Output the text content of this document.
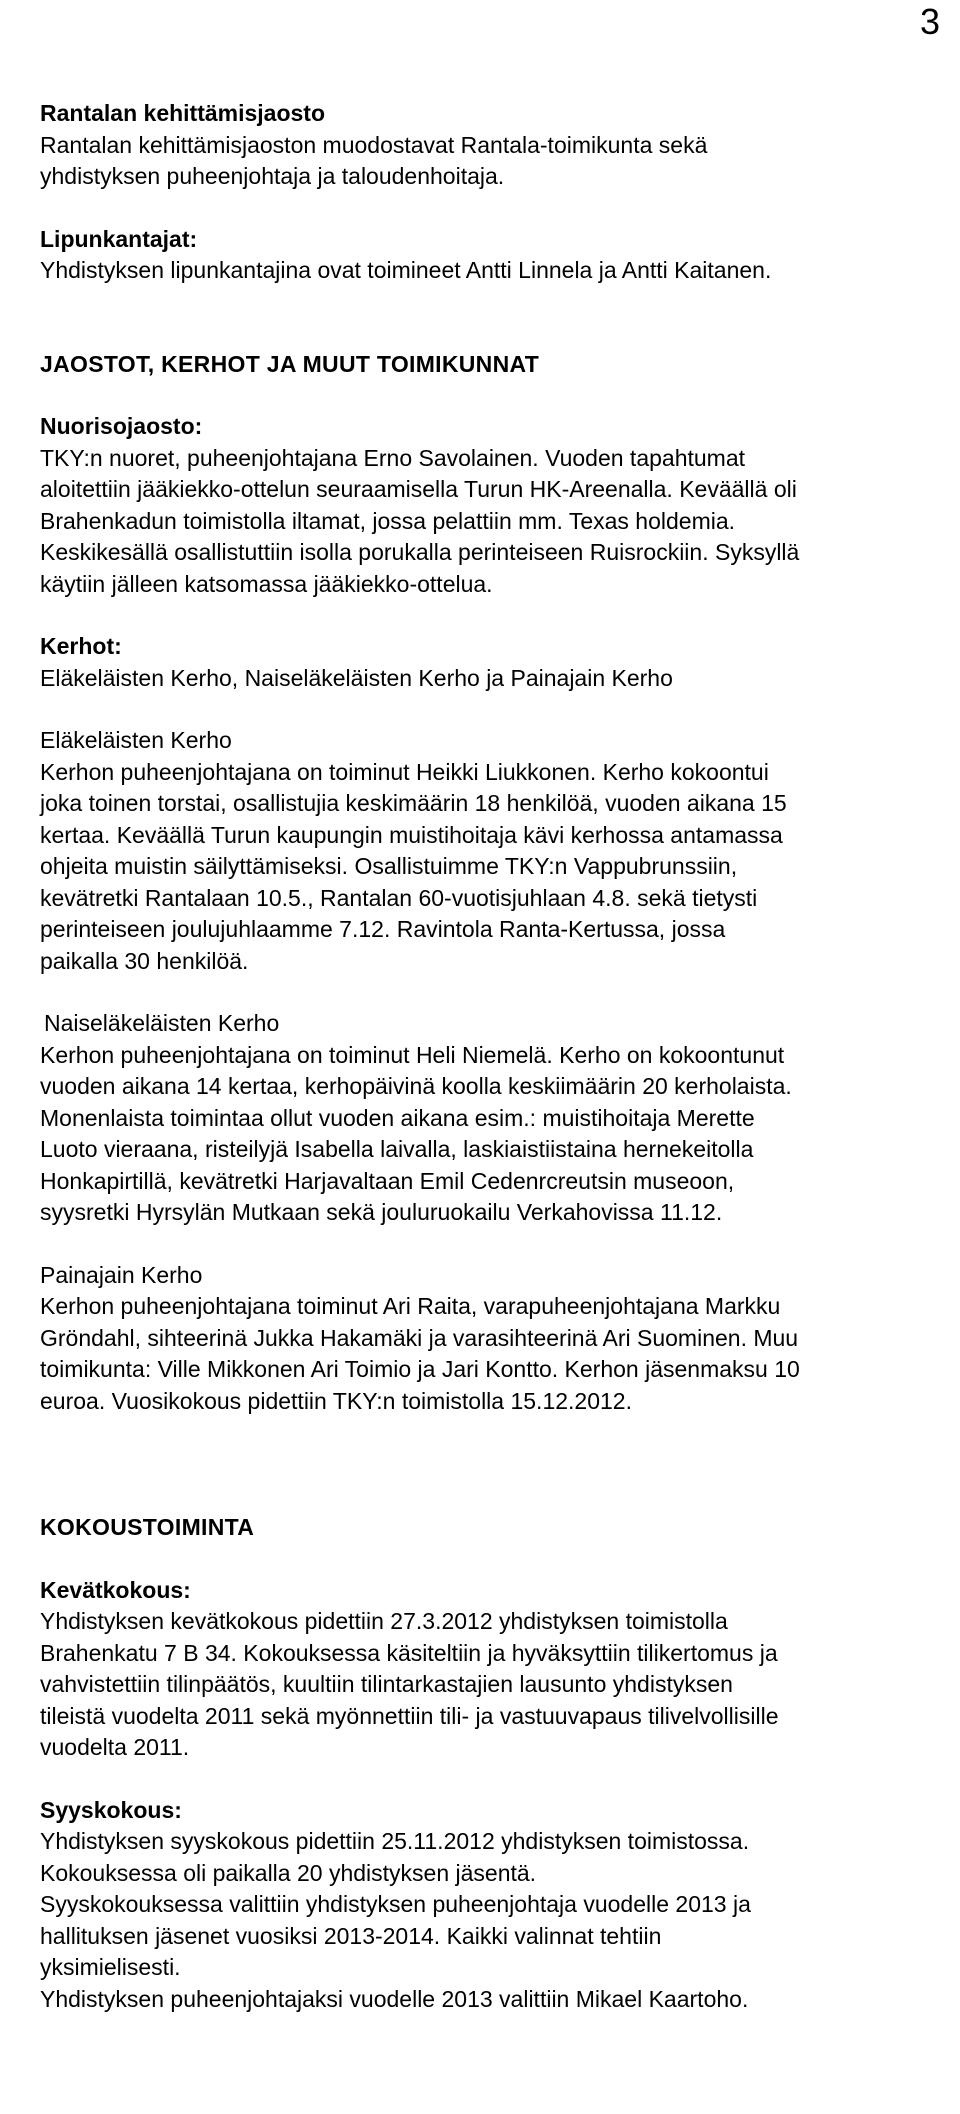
3

Rantalan kehittämisjaosto

Rantalan kehittämisjaoston muodostavat Rantala-toimikunta sekä

yhdistyksen puheenjohtaja ja taloudenhoitaja.

Lipunkantajat:

Yhdistyksen lipunkantajina ovat toimineet Antti Linnela ja Antti Kaitanen.

JAOSTOT, KERHOT JA MUUT TOIMIKUNNAT

Nuorisojaosto:

TKY:n nuoret, puheenjohtajana Erno Savolainen. Vuoden tapahtumat

aloitettiin jääkiekko-ottelun seuraamisella Turun HK-Areenalla. Keväällä oli

Brahenkadun toimistolla iltamat, jossa pelattiin mm. Texas holdemia.

Keskikesällä osallistuttiin isolla porukalla perinteiseen Ruisrockiin. Syksyllä

käytiin jälleen katsomassa jääkiekko-ottelua.

Kerhot:

Eläkeläisten Kerho, Naiseläkeläisten Kerho ja Painajain Kerho

Eläkeläisten Kerho

Kerhon puheenjohtajana on toiminut Heikki Liukkonen. Kerho kokoontui

joka toinen torstai, osallistujia keskimäärin 18 henkilöä, vuoden aikana 15

kertaa. Keväällä Turun kaupungin muistihoitaja kävi kerhossa antamassa

ohjeita muistin säilyttämiseksi. Osallistuimme TKY:n Vappubrunssiin,

kevätretki Rantalaan 10.5., Rantalan 60-vuotisjuhlaan 4.8. sekä tietysti

perinteiseen joulujuhlaamme 7.12. Ravintola Ranta-Kertussa, jossa

paikalla 30 henkilöä.

Naiseläkeläisten Kerho

Kerhon puheenjohtajana on toiminut Heli Niemelä. Kerho on kokoontunut

vuoden aikana 14 kertaa, kerhopäivinä koolla keskiimäärin 20 kerholaista.

Monenlaista toimintaa ollut vuoden aikana esim.: muistihoitaja Merette

Luoto vieraana, risteilyjä Isabella laivalla, laskiaistiistaina hernekeitolla

Honkapirtillä, kevätretki Harjavaltaan Emil Cedenrcreutsin museoon,

syysretki Hyrsylän Mutkaan sekä jouluruokailu Verkahovissa 11.12.

Painajain Kerho

Kerhon puheenjohtajana toiminut Ari Raita, varapuheenjohtajana Markku

Gröndahl, sihteerinä Jukka Hakamäki ja varasihteerinä Ari Suominen. Muu

toimikunta: Ville Mikkonen Ari Toimio ja Jari Kontto. Kerhon jäsenmaksu 10

euroa. Vuosikokous pidettiin TKY:n toimistolla 15.12.2012.

KOKOUSTOIMINTA

Kevätkokous:

Yhdistyksen kevätkokous pidettiin 27.3.2012 yhdistyksen toimistolla

Brahenkatu 7 B 34. Kokouksessa käsiteltiin ja hyväksyttiin tilikertomus ja

vahvistettiin tilinpäätös, kuultiin tilintarkastajien lausunto yhdistyksen

tileistä vuodelta 2011 sekä myönnettiin tili- ja vastuuvapaus tilivelvollisille

vuodelta 2011.

Syyskokous:

Yhdistyksen syyskokous pidettiin 25.11.2012 yhdistyksen toimistossa.

Kokouksessa oli paikalla 20 yhdistyksen jäsentä.

Syyskokouksessa valittiin yhdistyksen puheenjohtaja vuodelle 2013 ja

hallituksen jäsenet vuosiksi 2013-2014. Kaikki valinnat tehtiin

yksimielisesti.

Yhdistyksen puheenjohtajaksi vuodelle 2013 valittiin Mikael Kaartoho.
